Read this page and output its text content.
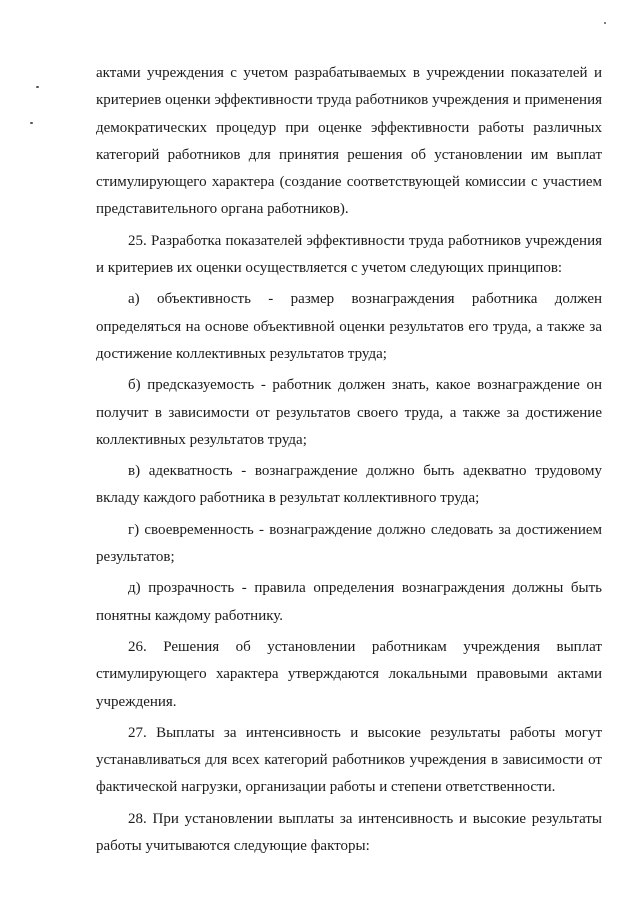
актами учреждения с учетом разрабатываемых в учреждении показателей и критериев оценки эффективности труда работников учреждения и применения демократических процедур при оценке эффективности работы различных категорий работников для принятия решения об установлении им выплат стимулирующего характера (создание соответствующей комиссии с участием представительного органа работников).

25. Разработка показателей эффективности труда работников учреждения и критериев их оценки осуществляется с учетом следующих принципов:

а) объективность - размер вознаграждения работника должен определяться на основе объективной оценки результатов его труда, а также за достижение коллективных результатов труда;

б) предсказуемость - работник должен знать, какое вознаграждение он получит в зависимости от результатов своего труда, а также за достижение коллективных результатов труда;

в) адекватность - вознаграждение должно быть адекватно трудовому вкладу каждого работника в результат коллективного труда;

г) своевременность - вознаграждение должно следовать за достижением результатов;

д) прозрачность - правила определения вознаграждения должны быть понятны каждому работнику.

26. Решения об установлении работникам учреждения выплат стимулирующего характера утверждаются локальными правовыми актами учреждения.

27. Выплаты за интенсивность и высокие результаты работы могут устанавливаться для всех категорий работников учреждения в зависимости от фактической нагрузки, организации работы и степени ответственности.

28. При установлении выплаты за интенсивность и высокие результаты работы учитываются следующие факторы:
